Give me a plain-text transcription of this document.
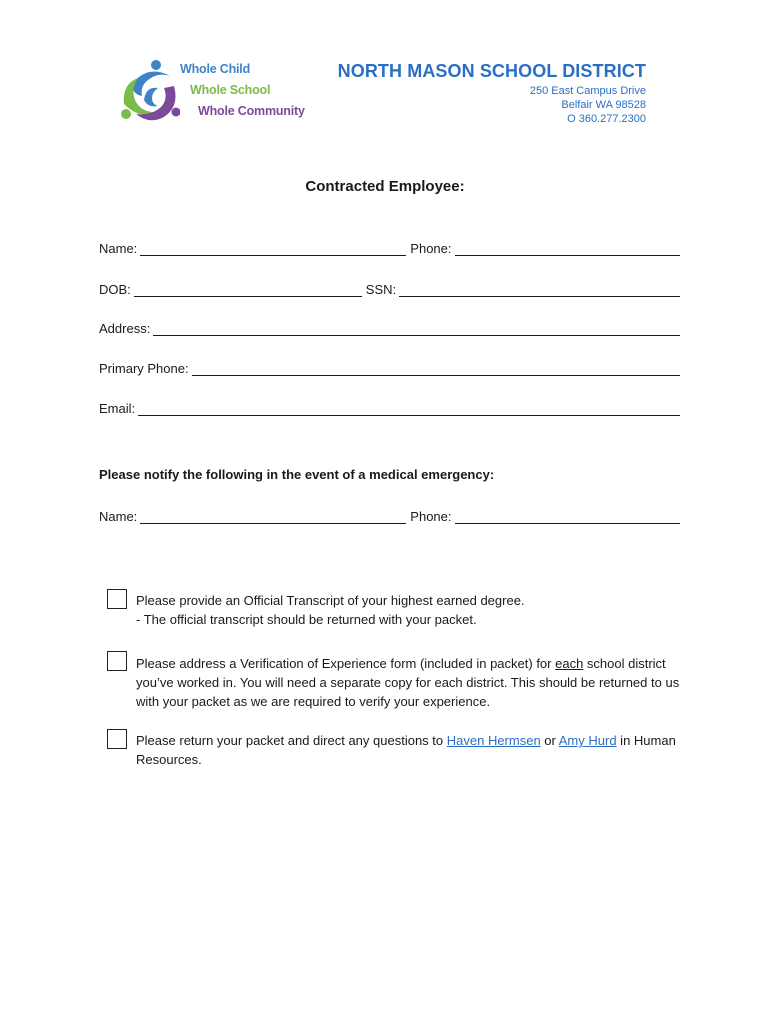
Whole Child
Whole School
Whole Community
NORTH MASON SCHOOL DISTRICT
250 East Campus Drive
Belfair WA 98528
O 360.277.2300
Contracted Employee:
Name:	Phone:
DOB:	SSN:
Address:
Primary Phone:
Email:
Please notify the following in the event of a medical emergency:
Name:	Phone:
Please provide an Official Transcript of your highest earned degree.
- The official transcript should be returned with your packet.
Please address a Verification of Experience form (included in packet) for each school district you’ve worked in. You will need a separate copy for each district. This should be returned to us with your packet as we are required to verify your experience.
Please return your packet and direct any questions to Haven Hermsen or Amy Hurd in Human Resources.
